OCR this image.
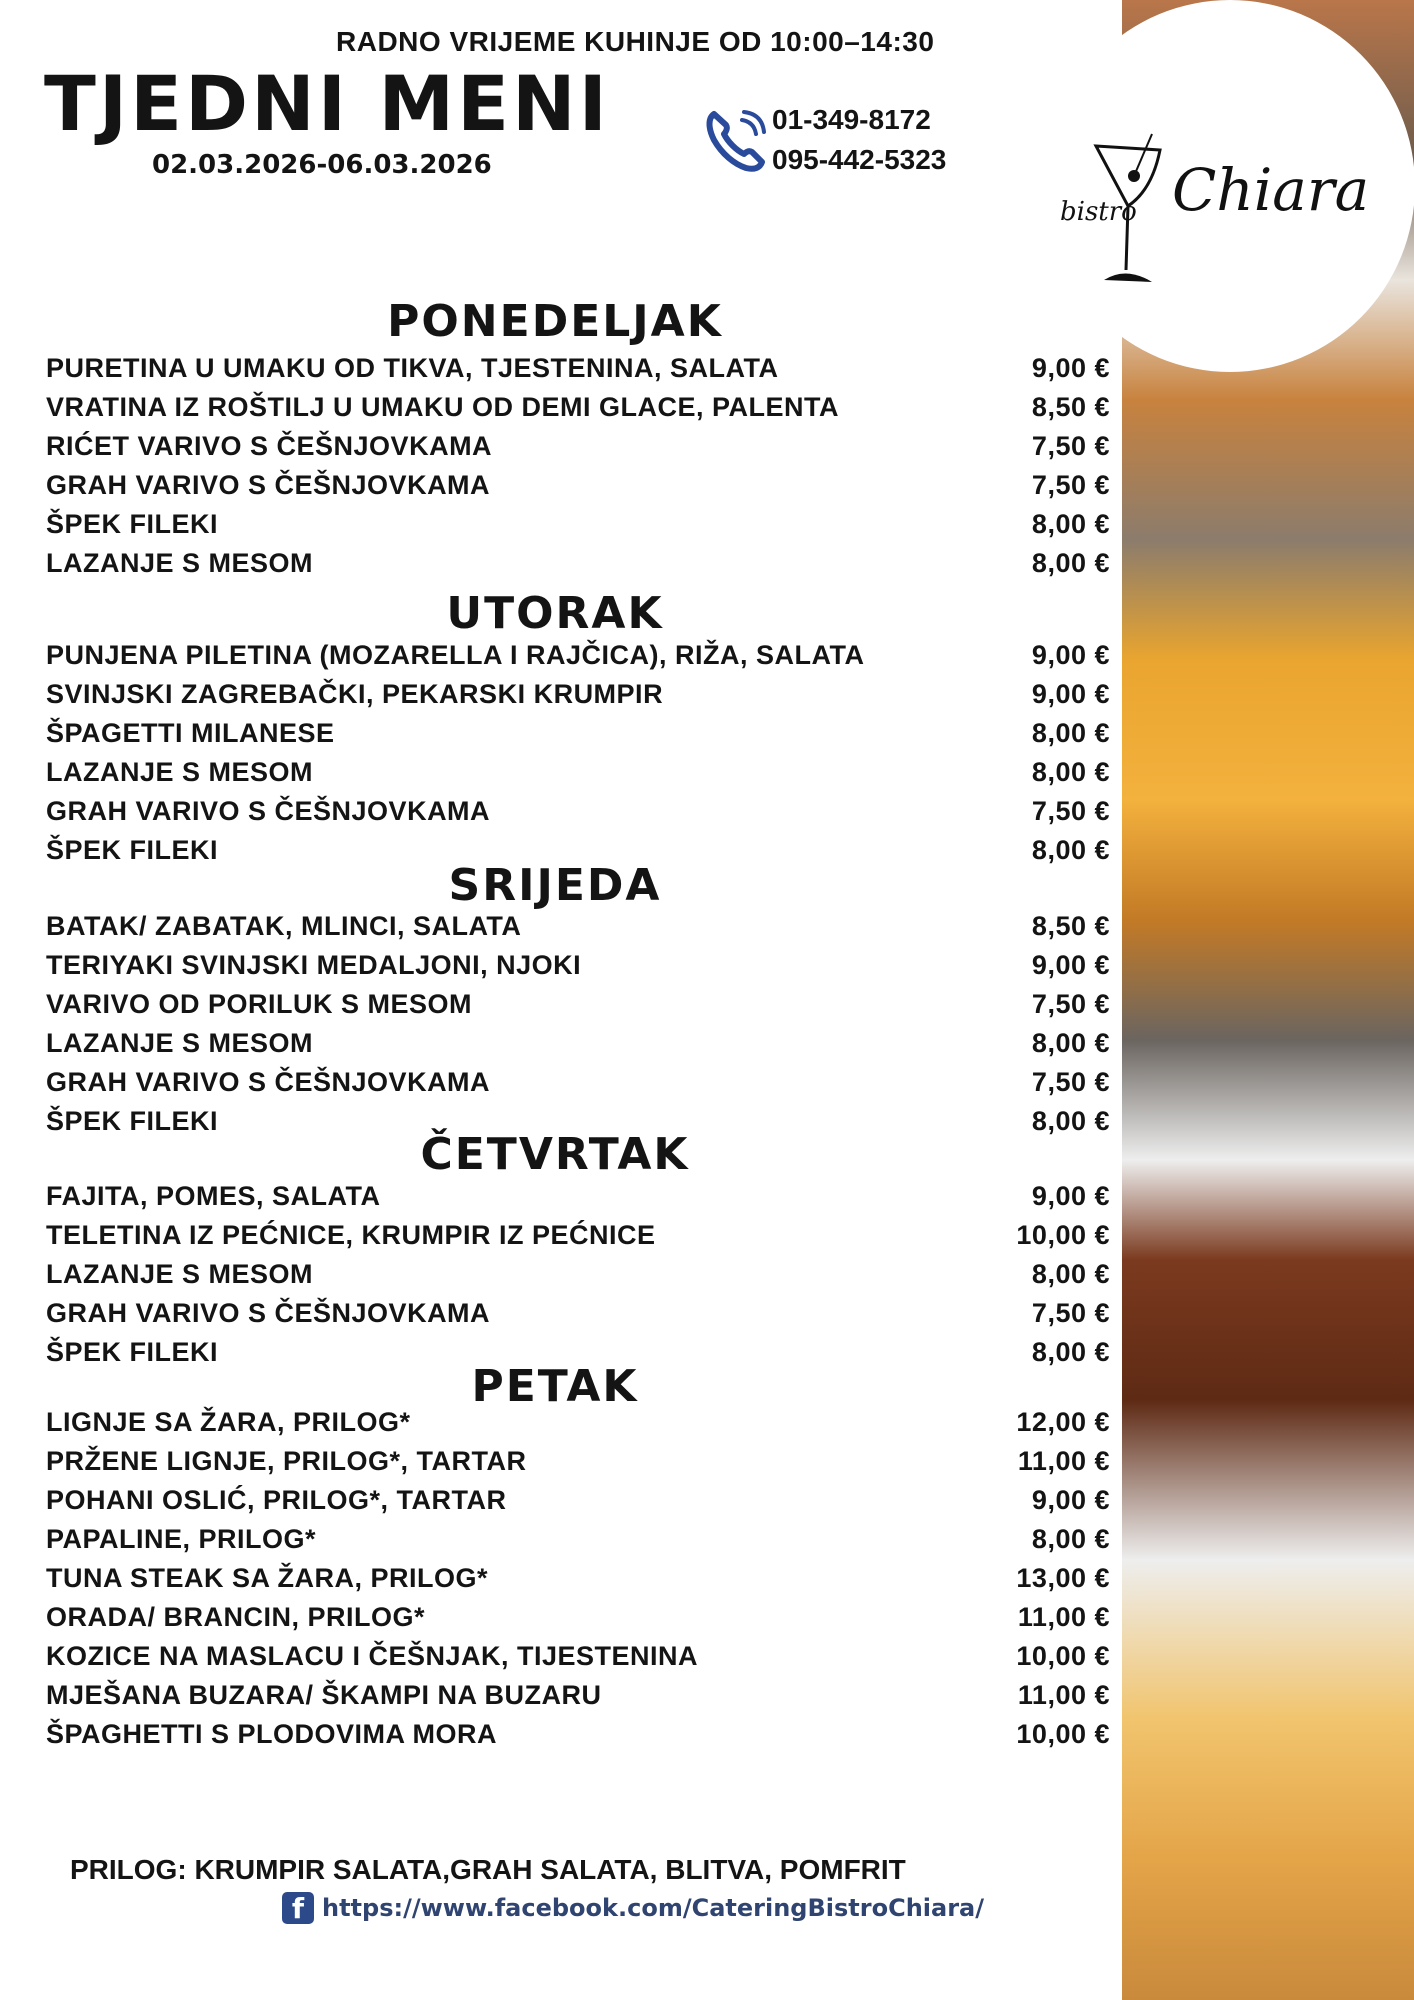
bistro Chiara
RADNO VRIJEME KUHINJE OD 10:00–14:30
TJEDNI MENI
02.03.2026-06.03.2026
01-349-8172
095-442-5323
PONEDELJAK
PURETINA U UMAKU OD TIKVA, TJESTENINA, SALATA	9,00 €
VRATINA IZ ROŠTILJ U UMAKU OD DEMI GLACE, PALENTA	8,50 €
RIĆET VARIVO S ČEŠNJOVKAMA	7,50 €
GRAH VARIVO S ČEŠNJOVKAMA	7,50 €
ŠPEK FILEKI	8,00 €
LAZANJE S MESOM	8,00 €
UTORAK
PUNJENA PILETINA (MOZARELLA I RAJČICA), RIŽA, SALATA	9,00 €
SVINJSKI ZAGREBAČKI, PEKARSKI KRUMPIR	9,00 €
ŠPAGETTI MILANESE	8,00 €
LAZANJE S MESOM	8,00 €
GRAH VARIVO S ČEŠNJOVKAMA	7,50 €
ŠPEK FILEKI	8,00 €
SRIJEDA
BATAK/ ZABATAK, MLINCI, SALATA	8,50 €
TERIYAKI SVINJSKI MEDALJONI, NJOKI	9,00 €
VARIVO OD PORILUK S MESOM	7,50 €
LAZANJE S MESOM	8,00 €
GRAH VARIVO S ČEŠNJOVKAMA	7,50 €
ŠPEK FILEKI	8,00 €
ČETVRTAK
FAJITA, POMES, SALATA	9,00 €
TELETINA IZ PEĆNICE, KRUMPIR IZ PEĆNICE	10,00 €
LAZANJE S MESOM	8,00 €
GRAH VARIVO S ČEŠNJOVKAMA	7,50 €
ŠPEK FILEKI	8,00 €
PETAK
LIGNJE SA ŽARA, PRILOG*	12,00 €
PRŽENE LIGNJE, PRILOG*, TARTAR	11,00 €
POHANI OSLIĆ, PRILOG*, TARTAR	9,00 €
PAPALINE, PRILOG*	8,00 €
TUNA STEAK SA ŽARA, PRILOG*	13,00 €
ORADA/ BRANCIN, PRILOG*	11,00 €
KOZICE NA MASLACU I ČEŠNJAK, TIJESTENINA	10,00 €
MJEŠANA BUZARA/ ŠKAMPI NA BUZARU	11,00 €
ŠPAGHETTI S PLODOVIMA MORA	10,00 €
PRILOG: KRUMPIR SALATA,GRAH SALATA, BLITVA, POMFRIT
f https://www.facebook.com/CateringBistroChiara/
